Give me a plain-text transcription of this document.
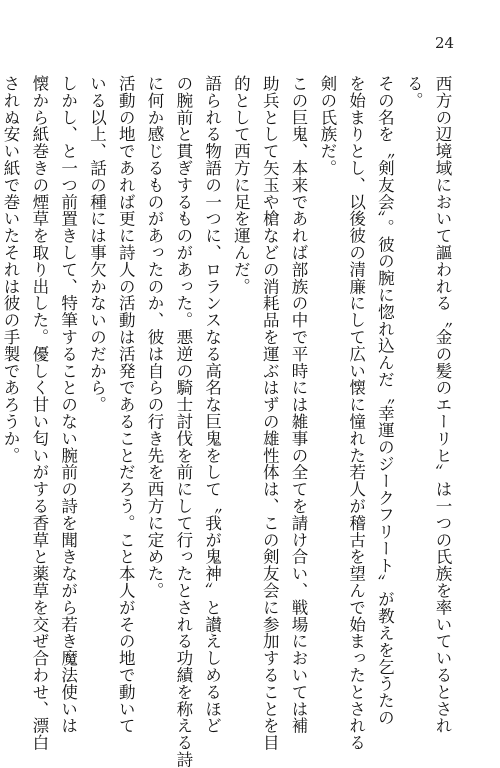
24
西方の辺境域において謳われる〝金の髪のエーリヒ〟は一つの氏族を率いているとされ
る。
その名を〝剣友会〟。彼の腕に惚れ込んだ〝幸運のジークフリート〟が教えを乞うたの
を始まりとし、以後彼の清廉にして広い懐に憧れた若人が稽古を望んで始まったとされる
剣の氏族だ。
この巨鬼、本来であれば部族の中で平時には雑事の全てを請け合い、戦場においては補
助兵として矢玉や槍などの消耗品を運ぶはずの雄性体は、この剣友会に参加することを目
的として西方に足を運んだ。
語られる物語の一つに、ロランスなる高名な巨鬼をして〝我が鬼神〟と讃えしめるほど
の腕前と貫ぎするものがあった。悪逆の騎士討伐を前にして行ったとされる功績を称える詩
に何か感じるものがあったのか、彼は自らの行き先を西方に定めた。
活動の地であれば更に詩人の活動は活発であることだろう。こと本人がその地で動いて
いる以上、話の種には事欠かないのだから。
しかし、と一つ前置きして、特筆することのない腕前の詩を聞きながら若き魔法使いは
懐から紙巻きの煙草を取り出した。優しく甘い匂いがする香草と薬草を交ぜ合わせ、漂白
されぬ安い紙で巻いたそれは彼の手製であろうか。
